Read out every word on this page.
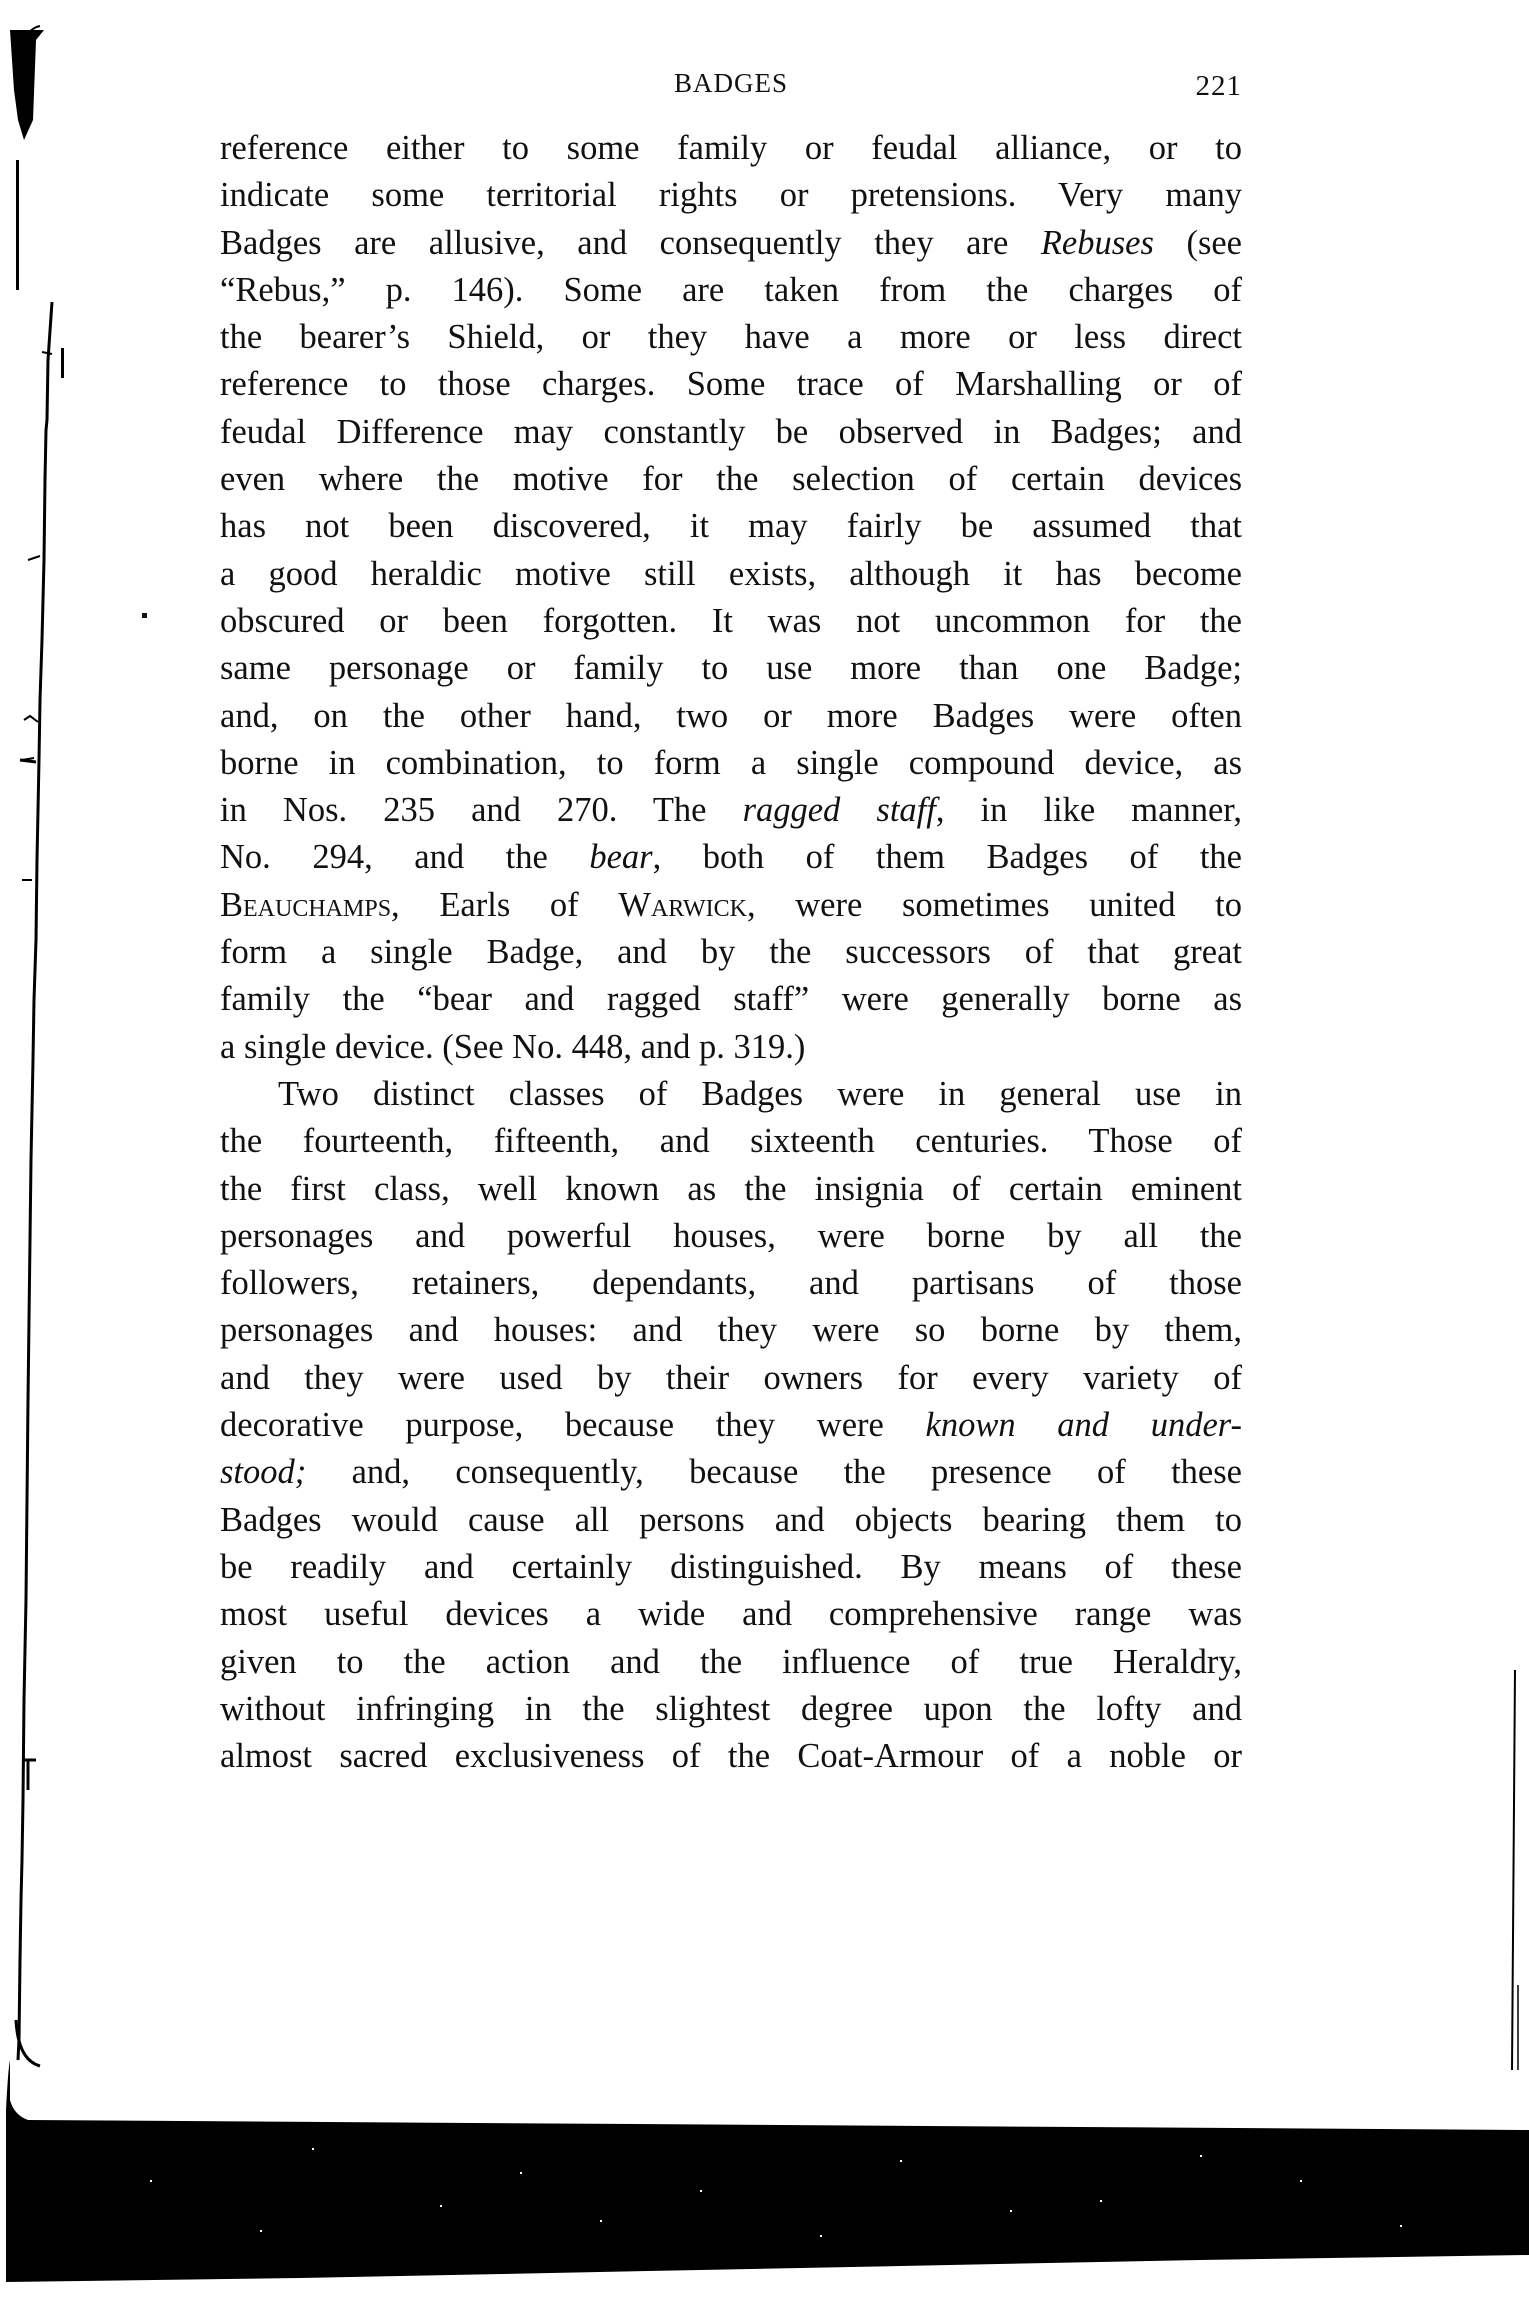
BADGES	221
reference either to some family or feudal alliance, or to
indicate some territorial rights or pretensions. Very many
Badges are allusive, and consequently they are Rebuses (see
“Rebus,” p. 146). Some are taken from the charges of
the bearer’s Shield, or they have a more or less direct
reference to those charges. Some trace of Marshalling or of
feudal Difference may constantly be observed in Badges; and
even where the motive for the selection of certain devices
has not been discovered, it may fairly be assumed that
a good heraldic motive still exists, although it has become
obscured or been forgotten. It was not uncommon for the
same personage or family to use more than one Badge;
and, on the other hand, two or more Badges were often
borne in combination, to form a single compound device, as
in Nos. 235 and 270. The ragged staff, in like manner,
No. 294, and the bear, both of them Badges of the
Beauchamps, Earls of Warwick, were sometimes united to
form a single Badge, and by the successors of that great
family the “bear and ragged staff” were generally borne as
a single device. (See No. 448, and p. 319.)
Two distinct classes of Badges were in general use in
the fourteenth, fifteenth, and sixteenth centuries. Those of
the first class, well known as the insignia of certain eminent
personages and powerful houses, were borne by all the
followers, retainers, dependants, and partisans of those
personages and houses: and they were so borne by them,
and they were used by their owners for every variety of
decorative purpose, because they were known and under-
stood; and, consequently, because the presence of these
Badges would cause all persons and objects bearing them to
be readily and certainly distinguished. By means of these
most useful devices a wide and comprehensive range was
given to the action and the influence of true Heraldry,
without infringing in the slightest degree upon the lofty and
almost sacred exclusiveness of the Coat-Armour of a noble or
